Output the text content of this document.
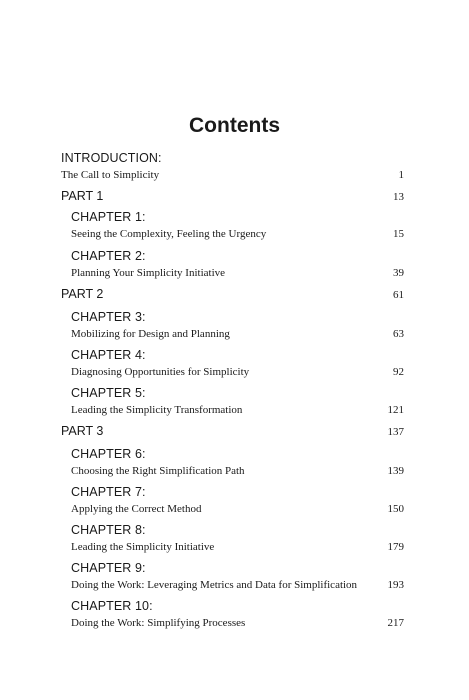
Contents
INTRODUCTION:
The Call to Simplicity	1
PART 1	13
CHAPTER 1:
Seeing the Complexity, Feeling the Urgency	15
CHAPTER 2:
Planning Your Simplicity Initiative	39
PART 2	61
CHAPTER 3:
Mobilizing for Design and Planning	63
CHAPTER 4:
Diagnosing Opportunities for Simplicity	92
CHAPTER 5:
Leading the Simplicity Transformation	121
PART 3	137
CHAPTER 6:
Choosing the Right Simplification Path	139
CHAPTER 7:
Applying the Correct Method	150
CHAPTER 8:
Leading the Simplicity Initiative	179
CHAPTER 9:
Doing the Work: Leveraging Metrics and Data for Simplification	193
CHAPTER 10:
Doing the Work: Simplifying Processes	217
